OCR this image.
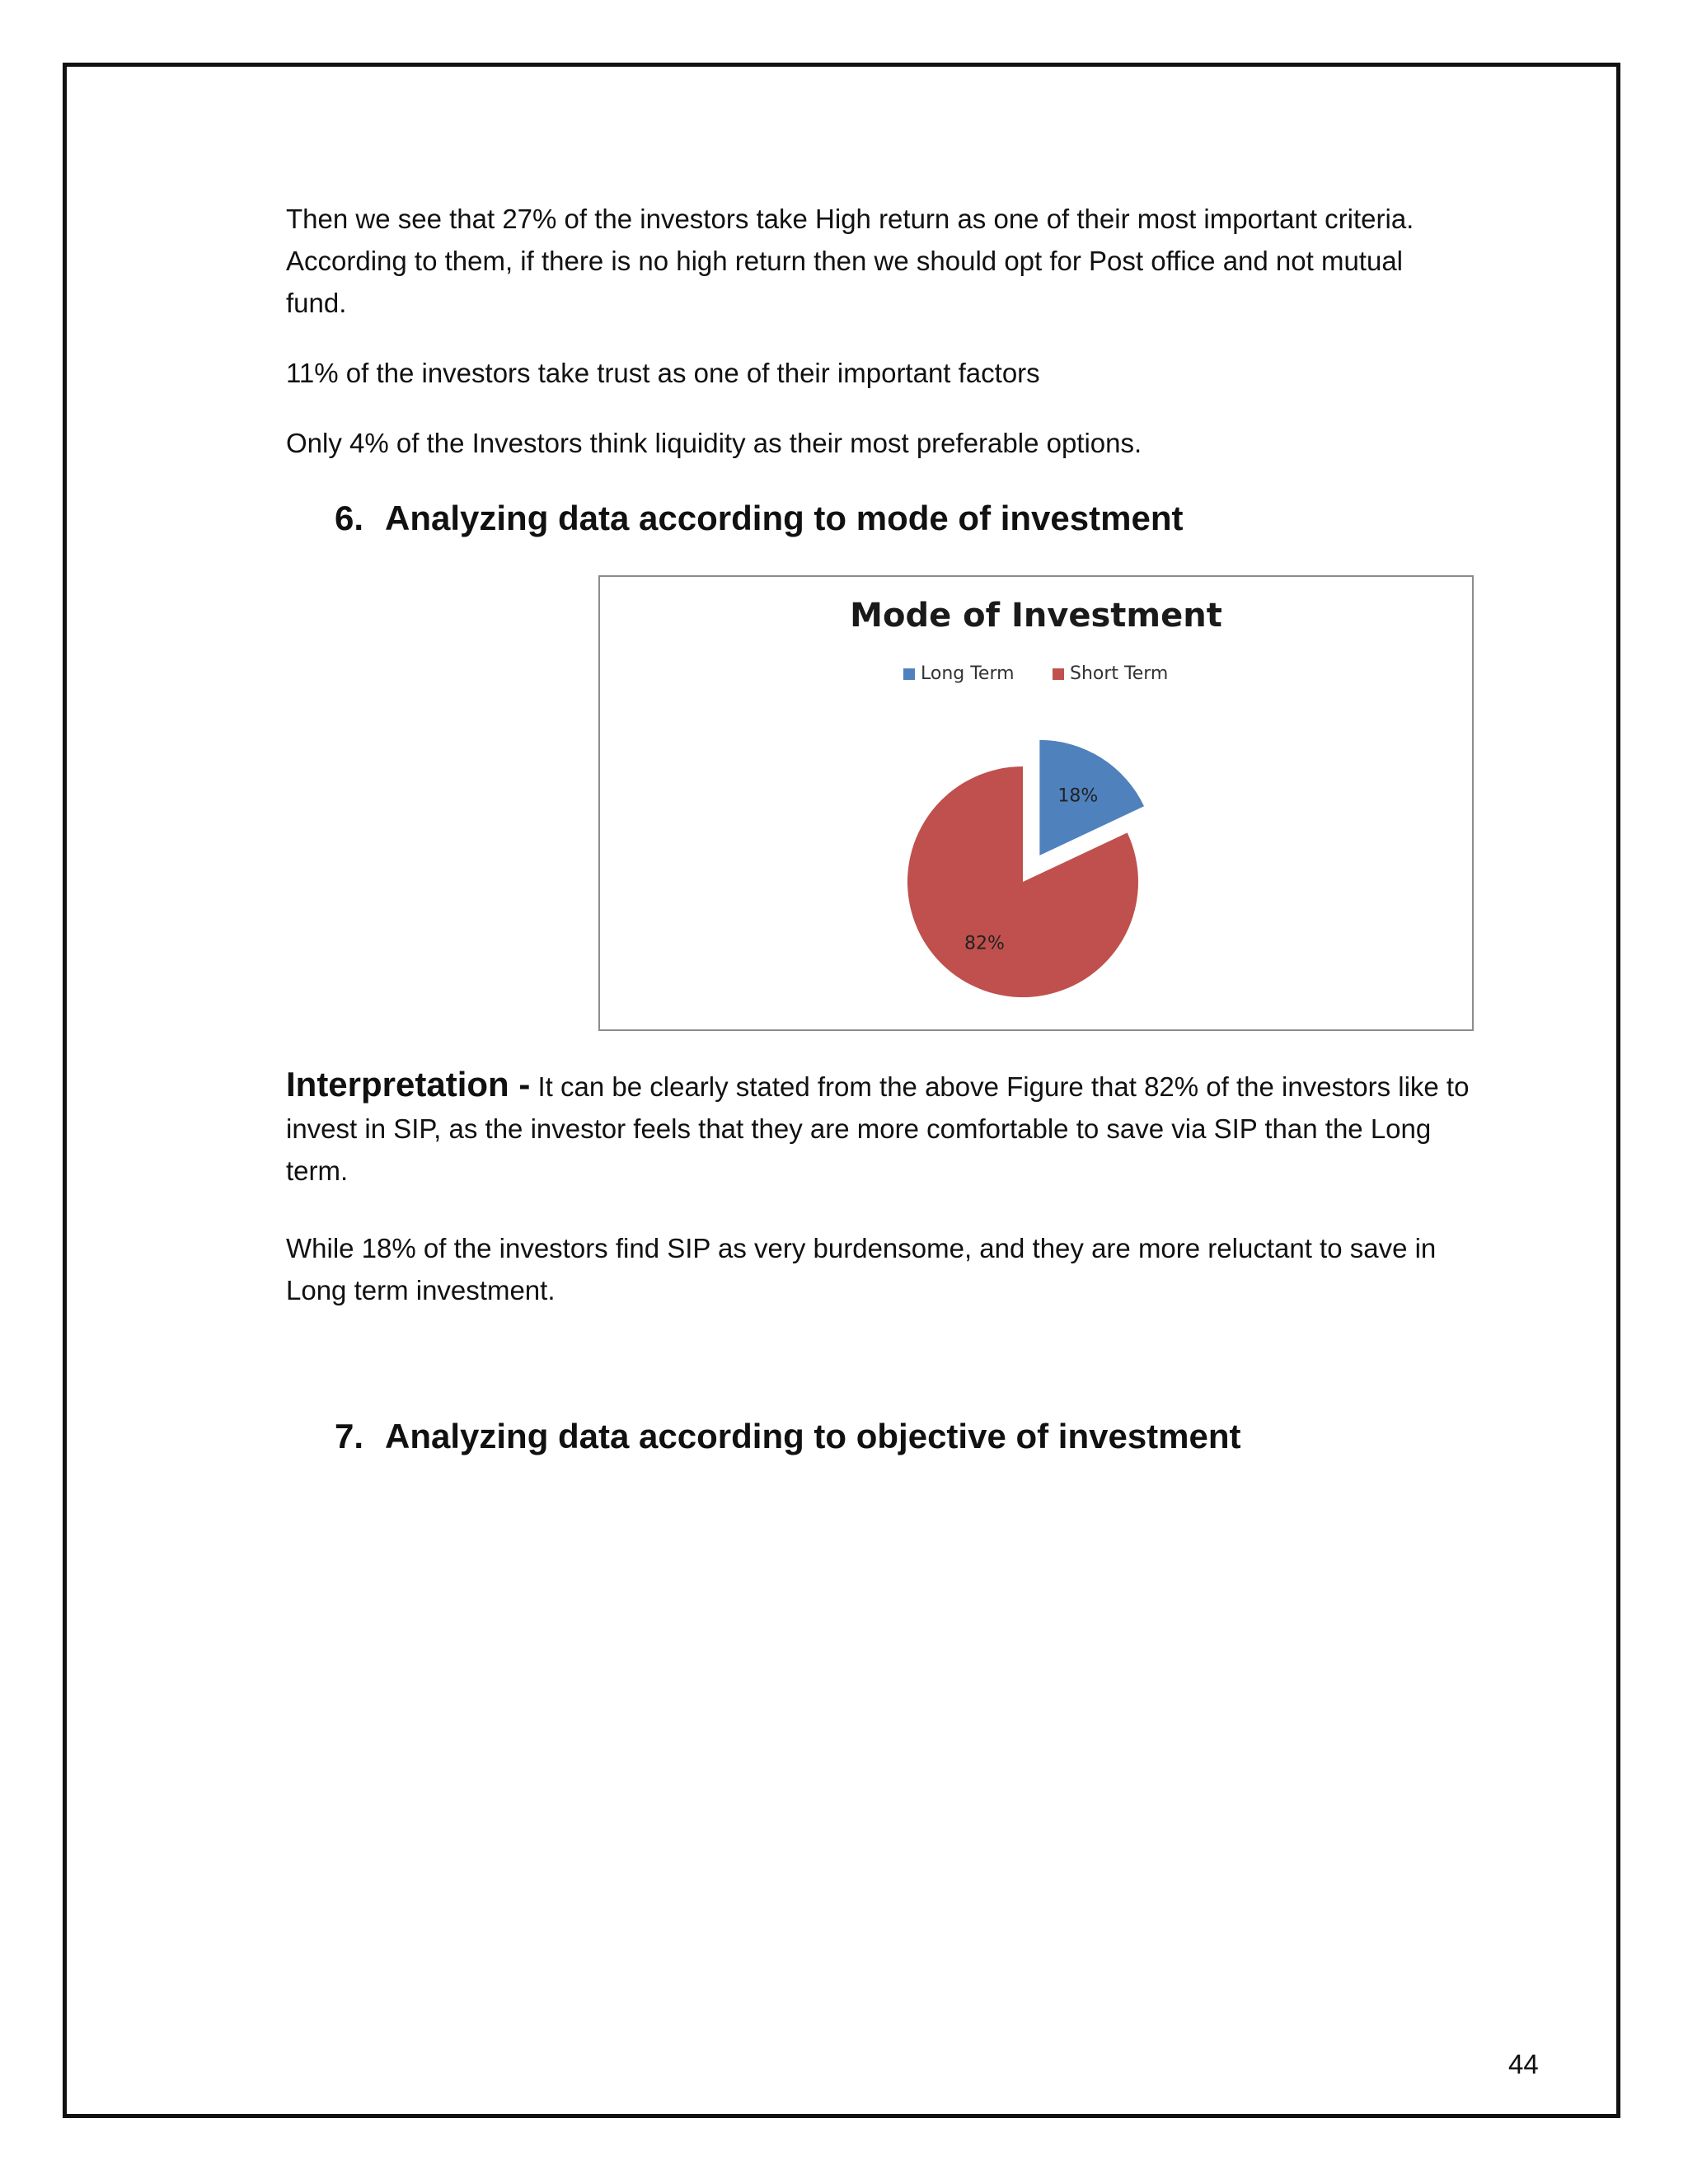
Then we see that 27% of the investors take High return as one of their most important criteria.
According to them, if there is no high return then we should opt for Post office and not mutual
fund.

11% of the investors take trust as one of their important factors

Only 4% of the Investors think liquidity as their most preferable options.

6. Analyzing data according to mode of investment
Mode of Investment
Long Term	Short Term
18%
82%

Interpretation - It can be clearly stated from the above Figure that 82% of the investors like to
invest in SIP, as the investor feels that they are more comfortable to save via SIP than the Long
term.

While 18% of the investors find SIP as very burdensome, and they are more reluctant to save in
Long term investment.

7. Analyzing data according to objective of investment
44
